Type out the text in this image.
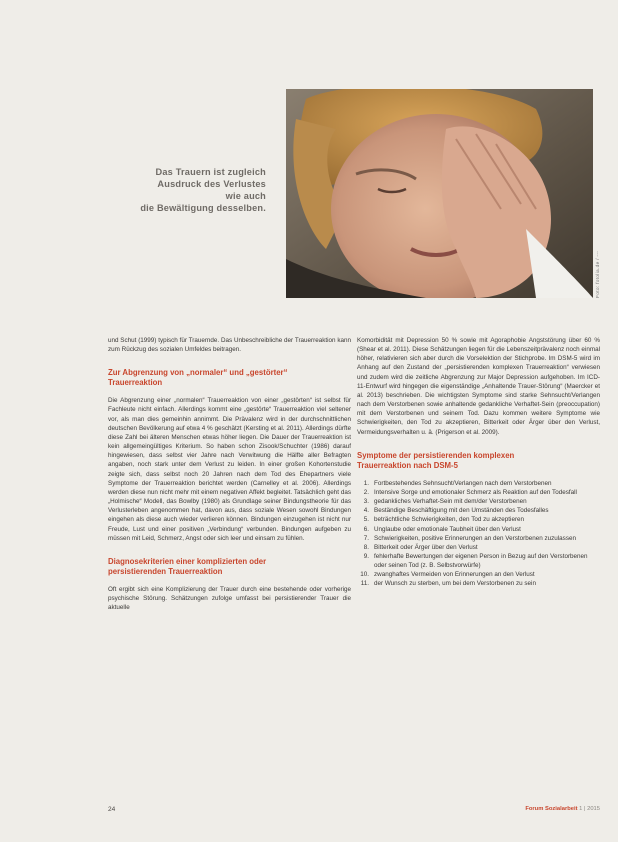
Das Trauern ist zugleich
Ausdruck des Verlustes wie auch
die Bewältigung desselben.
Foto: fotolia.de / ---

und Schut (1999) typisch für Trauernde. Das Unbeschreibliche der Trauerreaktion kann zum Rückzug des sozialen Umfeldes beitragen.

Zur Abgrenzung von „normaler“ und „gestörter“
Trauerreaktion

Die Abgrenzung einer „normalen“ Trauerreaktion von einer „gestörten“ ist selbst für Fachleute nicht einfach. Allerdings kommt eine „gestörte“ Trauerreaktion viel seltener vor, als man dies gemeinhin annimmt. Die Prävalenz wird in der durchschnittlichen deutschen Bevölkerung auf etwa 4 % geschätzt (Kersting et al. 2011). Allerdings dürfte diese Zahl bei älteren Menschen etwas höher liegen. Die Dauer der Trauerreaktion ist kein allgemeingültiges Kriterium. So haben schon Zisook/Schuchter (1986) darauf hingewiesen, dass selbst vier Jahre nach Verwitwung die Hälfte aller Befragten angaben, noch stark unter dem Verlust zu leiden. In einer großen Kohortenstudie zeigte sich, dass selbst noch 20 Jahren nach dem Tod des Ehepartners viele Symptome der Trauerreaktion berichtet werden (Carnelley et al. 2006). Allerdings werden diese nun nicht mehr mit einem negativen Affekt begleitet. Tatsächlich geht das „Holmische“ Modell, das Bowlby (1980) als Grundlage seiner Bindungstheorie für das Verlusterleben angenommen hat, davon aus, dass soziale Wesen sowohl Bindungen eingehen als diese auch wieder verlieren können. Bindungen einzugehen ist nicht nur Freude, Lust und einer positiven „Verbindung“ verbunden. Bindungen aufgeben zu müssen mit Leid, Schmerz, Angst oder sich leer und einsam zu fühlen.

Diagnosekriterien einer komplizierten oder
persistierenden Trauerreaktion

Oft ergibt sich eine Komplizierung der Trauer durch eine bestehende oder vorherige psychische Störung. Schätzungen zufolge umfasst bei persistierender Trauer die aktuelle

Komorbidität mit Depression 50 % sowie mit Agoraphobie Angststörung über 60 % (Shear et al. 2011). Diese Schätzungen liegen für die Lebenszeitprävalenz noch einmal höher, relativieren sich aber durch die Vorselektion der Stichprobe. Im DSM-5 wird im Anhang auf den Zustand der „persistierenden komplexen Trauerreaktion“ verwiesen und zudem wird die zeitliche Abgrenzung zur Major Depression aufgehoben. Im ICD-11-Entwurf wird hingegen die eigenständige „Anhaltende Trauer-Störung“ (Maercker et al. 2013) beschrieben. Die wichtigsten Symptome sind starke Sehnsucht/Verlangen nach dem Verstorbenen sowie anhaltende gedankliche Verhaftet-Sein (preoccupation) mit dem Verstorbenen und seinem Tod. Dazu kommen weitere Symptome wie Schwierigkeiten, den Tod zu akzeptieren, Bitterkeit oder Ärger über den Verlust, Vermeidungsverhalten u. ä. (Prigerson et al. 2009).

Symptome der persistierenden komplexen
Trauerreaktion nach DSM-5
1. Fortbestehendes Sehnsucht/Verlangen nach dem Verstorbenen
2. Intensive Sorge und emotionaler Schmerz als Reaktion auf den Todesfall
3. gedankliches Verhaftet-Sein mit dem/der Verstorbenen
4. Beständige Beschäftigung mit den Umständen des Todesfalles
5. beträchtliche Schwierigkeiten, den Tod zu akzeptieren
6. Unglaube oder emotionale Taubheit über den Verlust
7. Schwierigkeiten, positive Erinnerungen an den Verstorbenen zuzulassen
8. Bitterkeit oder Ärger über den Verlust
9. fehlerhafte Bewertungen der eigenen Person in Bezug auf den Verstorbenen oder seinen Tod (z. B. Selbstvorwürfe)
10. zwanghaftes Vermeiden von Erinnerungen an den Verlust
11. der Wunsch zu sterben, um bei dem Verstorbenen zu sein
24	Forum Sozialarbeit 1 | 2015
